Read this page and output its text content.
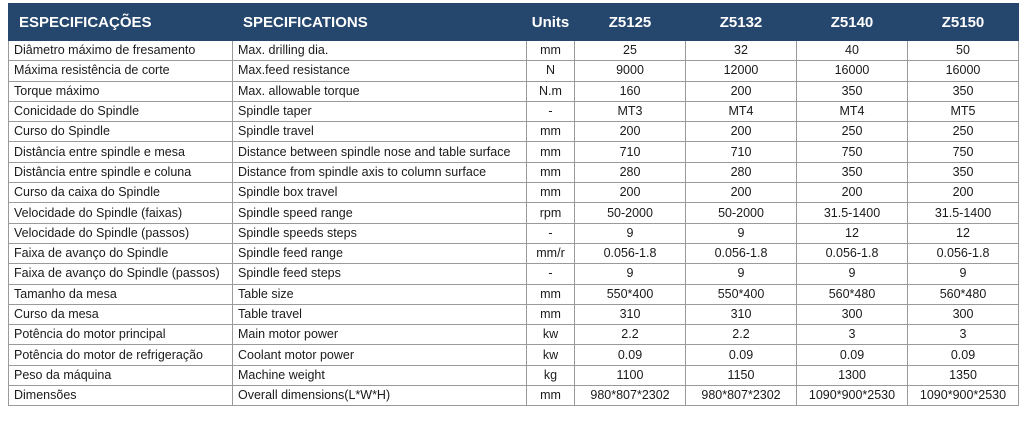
ESPECIFICAÇÕES	SPECIFICATIONS	Units	Z5125	Z5132	Z5140	Z5150
Diâmetro máximo de fresamento	Max. drilling dia.	mm	25	32	40	50
Máxima resistência de corte	Max.feed resistance	N	9000	12000	16000	16000
Torque máximo	Max. allowable torque	N.m	160	200	350	350
Conicidade do Spindle	Spindle taper	-	MT3	MT4	MT4	MT5
Curso do Spindle	Spindle travel	mm	200	200	250	250
Distância entre spindle e mesa	Distance between spindle nose and table surface	mm	710	710	750	750
Distância entre spindle e coluna	Distance from spindle axis to column surface	mm	280	280	350	350
Curso da caixa do Spindle	Spindle box travel	mm	200	200	200	200
Velocidade do Spindle (faixas)	Spindle speed range	rpm	50-2000	50-2000	31.5-1400	31.5-1400
Velocidade do Spindle (passos)	Spindle speeds steps	-	9	9	12	12
Faixa de avanço do Spindle	Spindle feed range	mm/r	0.056-1.8	0.056-1.8	0.056-1.8	0.056-1.8
Faixa de avanço do Spindle (passos)	Spindle feed steps	-	9	9	9	9
Tamanho da mesa	Table size	mm	550*400	550*400	560*480	560*480
Curso da mesa	Table travel	mm	310	310	300	300
Potência do motor principal	Main motor power	kw	2.2	2.2	3	3
Potência do motor de refrigeração	Coolant motor power	kw	0.09	0.09	0.09	0.09
Peso da máquina	Machine weight	kg	1100	1150	1300	1350
Dimensões	Overall dimensions(L*W*H)	mm	980*807*2302	980*807*2302	1090*900*2530	1090*900*2530
